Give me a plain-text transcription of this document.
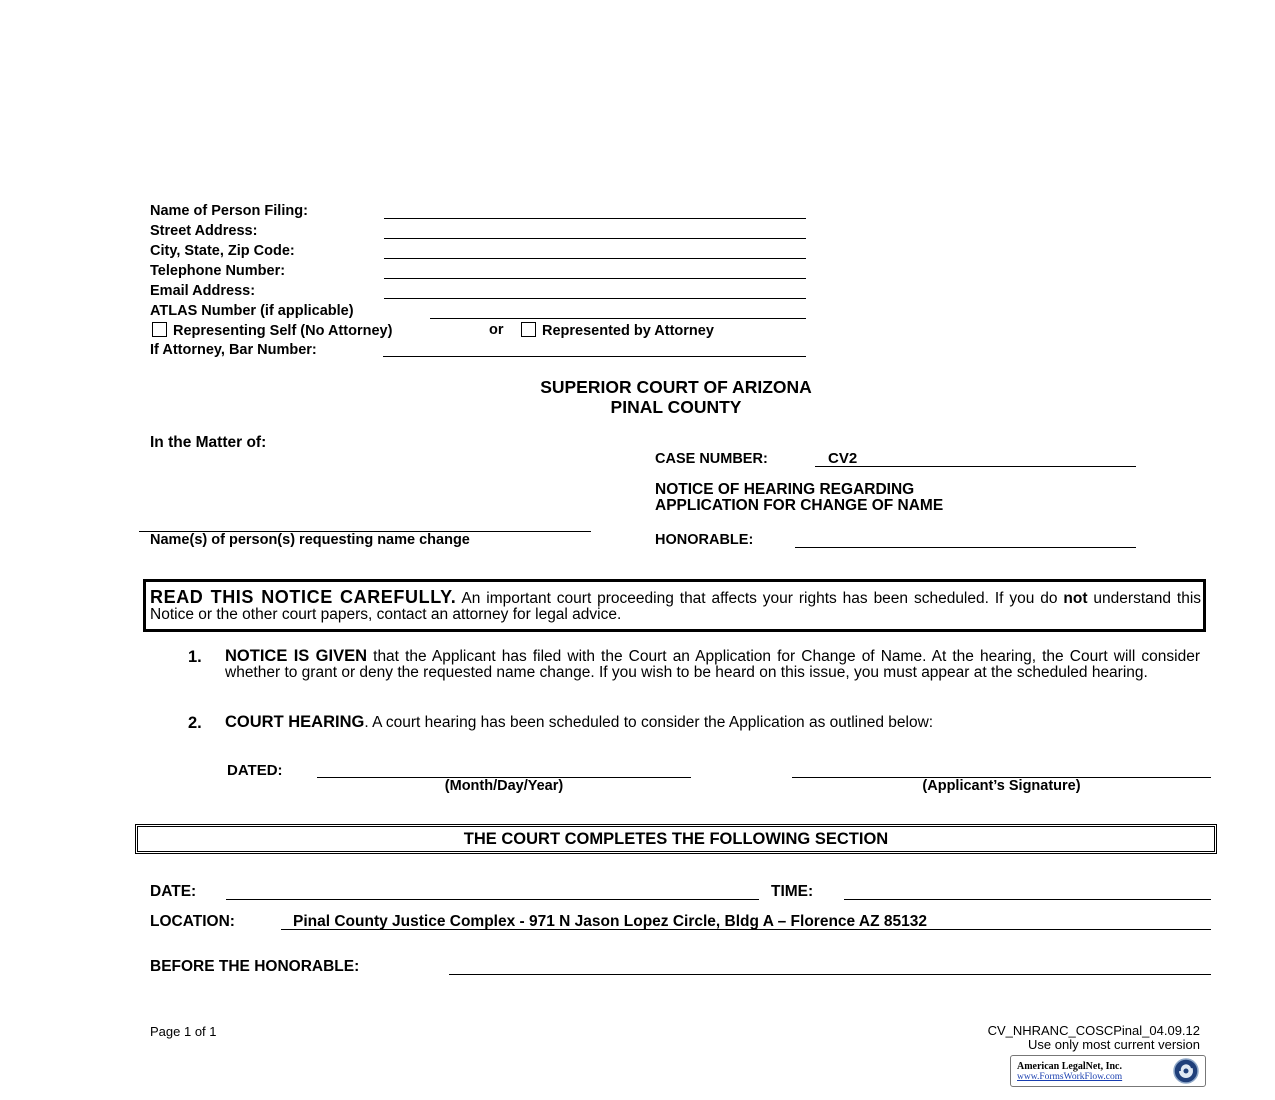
Name of Person Filing:
Street Address:
City, State, Zip Code:
Telephone Number:
Email Address:
ATLAS Number (if applicable)
Representing Self (No Attorney)	or	Represented by Attorney
If Attorney, Bar Number:
SUPERIOR COURT OF ARIZONA
PINAL COUNTY
In the Matter of:
Name(s) of person(s) requesting name change
CASE NUMBER:	CV2
NOTICE OF HEARING REGARDING
APPLICATION FOR CHANGE OF NAME
HONORABLE:
READ THIS NOTICE CAREFULLY. An important court proceeding that affects your rights has been scheduled. If you do not understand this Notice or the other court papers, contact an attorney for legal advice.
1. NOTICE IS GIVEN that the Applicant has filed with the Court an Application for Change of Name. At the hearing, the Court will consider whether to grant or deny the requested name change. If you wish to be heard on this issue, you must appear at the scheduled hearing.
2. COURT HEARING. A court hearing has been scheduled to consider the Application as outlined below:
DATED:
(Month/Day/Year)	(Applicant’s Signature)
THE COURT COMPLETES THE FOLLOWING SECTION
DATE:	TIME:
LOCATION:	Pinal County Justice Complex - 971 N Jason Lopez Circle, Bldg A – Florence AZ 85132
BEFORE THE HONORABLE:
Page 1 of 1	CV_NHRANC_COSCPinal_04.09.12
Use only most current version
American LegalNet, Inc.
www.FormsWorkFlow.com
